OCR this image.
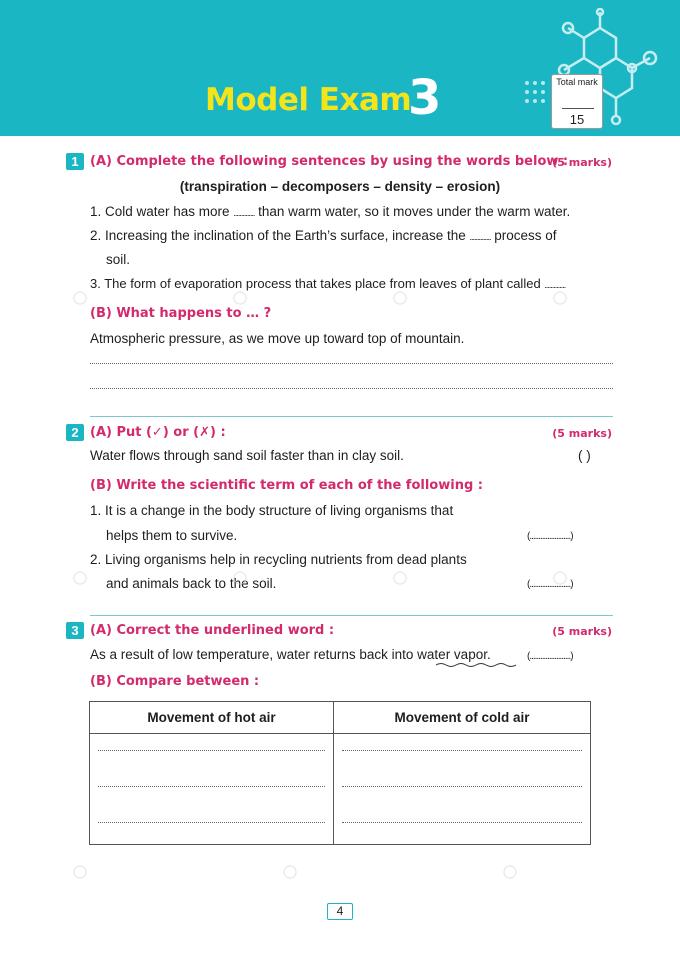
Model Exam
3	Total mark
15
1 (A) Complete the following sentences by using the words below :
(5 marks)
(transpiration – decomposers – density – erosion)
1. Cold water has more .............. than warm water, so it moves under the warm water.
2. Increasing the inclination of the Earth’s surface, increase the .............. process of
soil.
3. The form of evaporation process that takes place from leaves of plant called ..............
(B) What happens to … ?
Atmospheric pressure, as we move up toward top of mountain.
2 (A) Put (✓) or (✗) :	(5 marks)
Water flows through sand soil faster than in clay soil.	( )
(B) Write the scientific term of each of the following :
1. It is a change in the body structure of living organisms that
helps them to survive.	(.......................)
2. Living organisms help in recycling nutrients from dead plants
and animals back to the soil.	(.......................)
3 (A) Correct the underlined word :	(5 marks)
As a result of low temperature, water returns back into water vapor.	(.......................)
(B) Compare between :
Movement of hot air	Movement of cold air

4
